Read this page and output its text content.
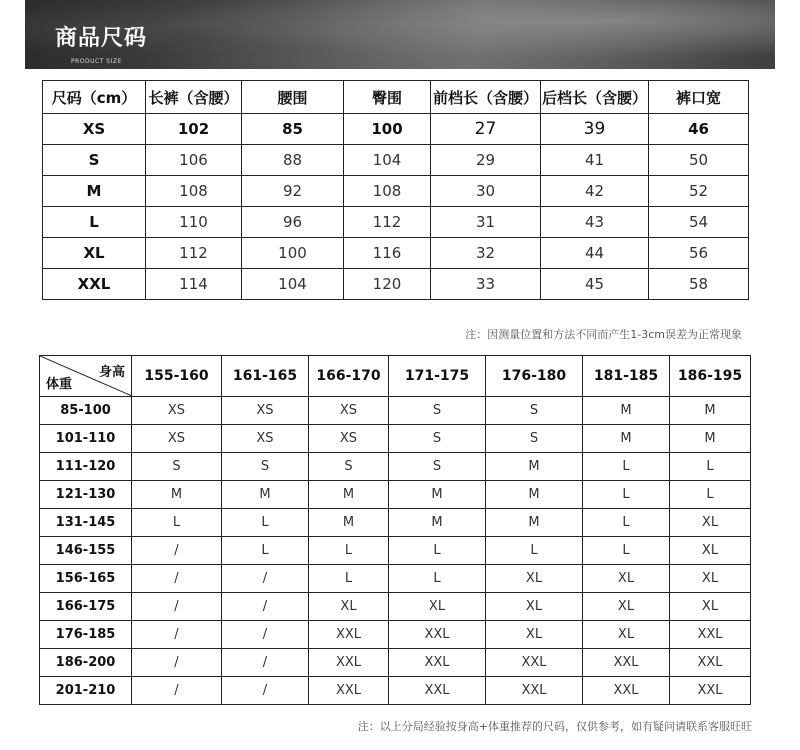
商品尺码
PRODUCT SIZE
尺码（cm）	长裤（含腰）	腰围	臀围	前档长（含腰）	后档长（含腰）	裤口宽
XS	102	85	100	27	39	46
S	106	88	104	29	41	50
M	108	92	108	30	42	52
L	110	96	112	31	43	54
XL	112	100	116	32	44	56
XXL	114	104	120	33	45	58
注：因测量位置和方法不同而产生1-3cm误差为正常现象
身高
体重	155-160	161-165	166-170	171-175	176-180	181-185	186-195
85-100	XS	XS	XS	S	S	M	M
101-110	XS	XS	XS	S	S	M	M
111-120	S	S	S	S	M	L	L
121-130	M	M	M	M	M	L	L
131-145	L	L	M	M	M	L	XL
146-155	/	L	L	L	L	L	XL
156-165	/	/	L	L	XL	XL	XL
166-175	/	/	XL	XL	XL	XL	XL
176-185	/	/	XXL	XXL	XL	XL	XXL
186-200	/	/	XXL	XXL	XXL	XXL	XXL
201-210	/	/	XXL	XXL	XXL	XXL	XXL
注：以上分局经验按身高+体重推荐的尺码，仅供参考，如有疑问请联系客服旺旺
